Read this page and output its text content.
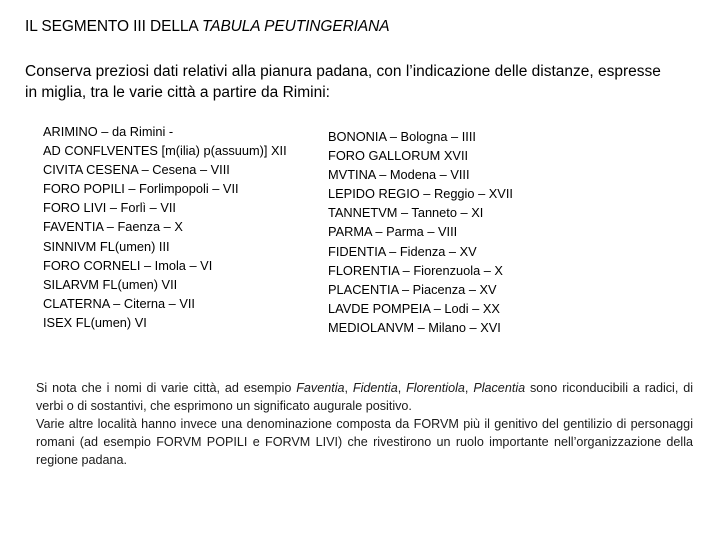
IL SEGMENTO III DELLA TABULA PEUTINGERIANA

Conserva preziosi dati relativi alla pianura padana, con l’indicazione delle distanze, espresse
in miglia, tra le varie città a partire da Rimini:

ARIMINO – da Rimini -
AD CONFLVENTES [m(ilia) p(assuum)] XII
CIVITA CESENA – Cesena – VIII
FORO POPILI – Forlimpopoli – VII
FORO LIVI – Forlì – VII
FAVENTIA – Faenza – X
SINNIVM FL(umen) III
FORO CORNELI – Imola – VI
SILARVM FL(umen) VII
CLATERNA – Citerna – VII
ISEX FL(umen) VI
BONONIA – Bologna – IIII
FORO GALLORUM XVII
MVTINA – Modena – VIII
LEPIDO REGIO – Reggio – XVII
TANNETVM – Tanneto – XI
PARMA – Parma – VIII
FIDENTIA – Fidenza – XV
FLORENTIA – Fiorenzuola – X
PLACENTIA – Piacenza – XV
LAVDE POMPEIA – Lodi – XX
MEDIOLANVM – Milano – XVI

Si nota che i nomi di varie città, ad esempio Faventia, Fidentia, Florentiola, Placentia sono riconducibili a radici, di verbi o di sostantivi, che esprimono un significato augurale positivo.

Varie altre località hanno invece una denominazione composta da FORVM più il genitivo del gentilizio di personaggi romani (ad esempio FORVM POPILI e FORVM LIVI) che rivestirono un ruolo importante nell’organizzazione della regione padana.
